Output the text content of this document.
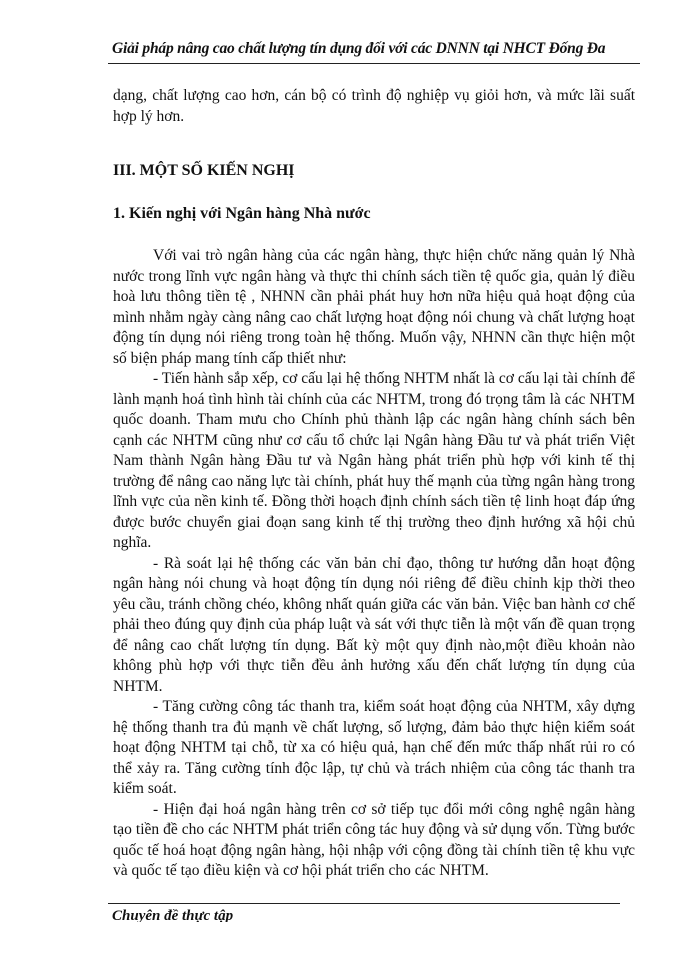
Giải pháp nâng cao chất lượng tín dụng đối với các DNNN tại NHCT Đống Đa

dạng, chất lượng cao hơn, cán bộ có trình độ nghiệp vụ giỏi hơn, và mức lãi suất hợp lý hơn.

III. MỘT SỐ KIẾN NGHỊ

1. Kiến nghị với Ngân hàng Nhà nước

Với vai trò ngân hàng của các ngân hàng, thực hiện chức năng quản lý Nhà nước trong lĩnh vực ngân hàng và thực thi chính sách tiền tệ quốc gia, quản lý điều hoà lưu thông tiền tệ , NHNN cần phải phát huy hơn nữa hiệu quả hoạt động của mình nhằm ngày càng nâng cao chất lượng hoạt động nói chung và chất lượng hoạt động tín dụng nói riêng trong toàn hệ thống. Muốn vậy, NHNN cần thực hiện một số biện pháp mang tính cấp thiết như:

- Tiến hành sắp xếp, cơ cấu lại hệ thống NHTM nhất là cơ cấu lại tài chính để lành mạnh hoá tình hình tài chính của các NHTM, trong đó trọng tâm là các NHTM quốc doanh. Tham mưu cho Chính phủ thành lập các ngân hàng chính sách bên cạnh các NHTM cũng như cơ cấu tổ chức lại Ngân hàng Đầu tư và phát triển Việt Nam thành Ngân hàng Đầu tư và Ngân hàng phát triển phù hợp với kinh tế thị trường để nâng cao năng lực tài chính, phát huy thế mạnh của từng ngân hàng trong lĩnh vực của nền kinh tế. Đồng thời hoạch định chính sách tiền tệ linh hoạt đáp ứng được bước chuyển giai đoạn sang kinh tế thị trường theo định hướng xã hội chủ nghĩa.

- Rà soát lại hệ thống các văn bản chỉ đạo, thông tư hướng dẫn hoạt động ngân hàng nói chung và hoạt động tín dụng nói riêng để điều chỉnh kịp thời theo yêu cầu, tránh chồng chéo, không nhất quán giữa các văn bản. Việc ban hành cơ chế phải theo đúng quy định của pháp luật và sát với thực tiễn là một vấn đề quan trọng để nâng cao chất lượng tín dụng. Bất kỳ một quy định nào,một điều khoản nào không phù hợp với thực tiễn đều ảnh hưởng xấu đến chất lượng tín dụng của NHTM.

- Tăng cường công tác thanh tra, kiểm soát hoạt động của NHTM, xây dựng hệ thống thanh tra đủ mạnh về chất lượng, số lượng, đảm bảo thực hiện kiểm soát hoạt động NHTM tại chỗ, từ xa có hiệu quả, hạn chế đến mức thấp nhất rủi ro có thể xảy ra. Tăng cường tính độc lập, tự chủ và trách nhiệm của công tác thanh tra kiểm soát.

- Hiện đại hoá ngân hàng trên cơ sở tiếp tục đổi mới công nghệ ngân hàng tạo tiền đề cho các NHTM phát triển công tác huy động và sử dụng vốn. Từng bước quốc tế hoá hoạt động ngân hàng, hội nhập với cộng đồng tài chính tiền tệ khu vực và quốc tế tạo điều kiện và cơ hội phát triển cho các NHTM.

Chuyên đề thực tập
